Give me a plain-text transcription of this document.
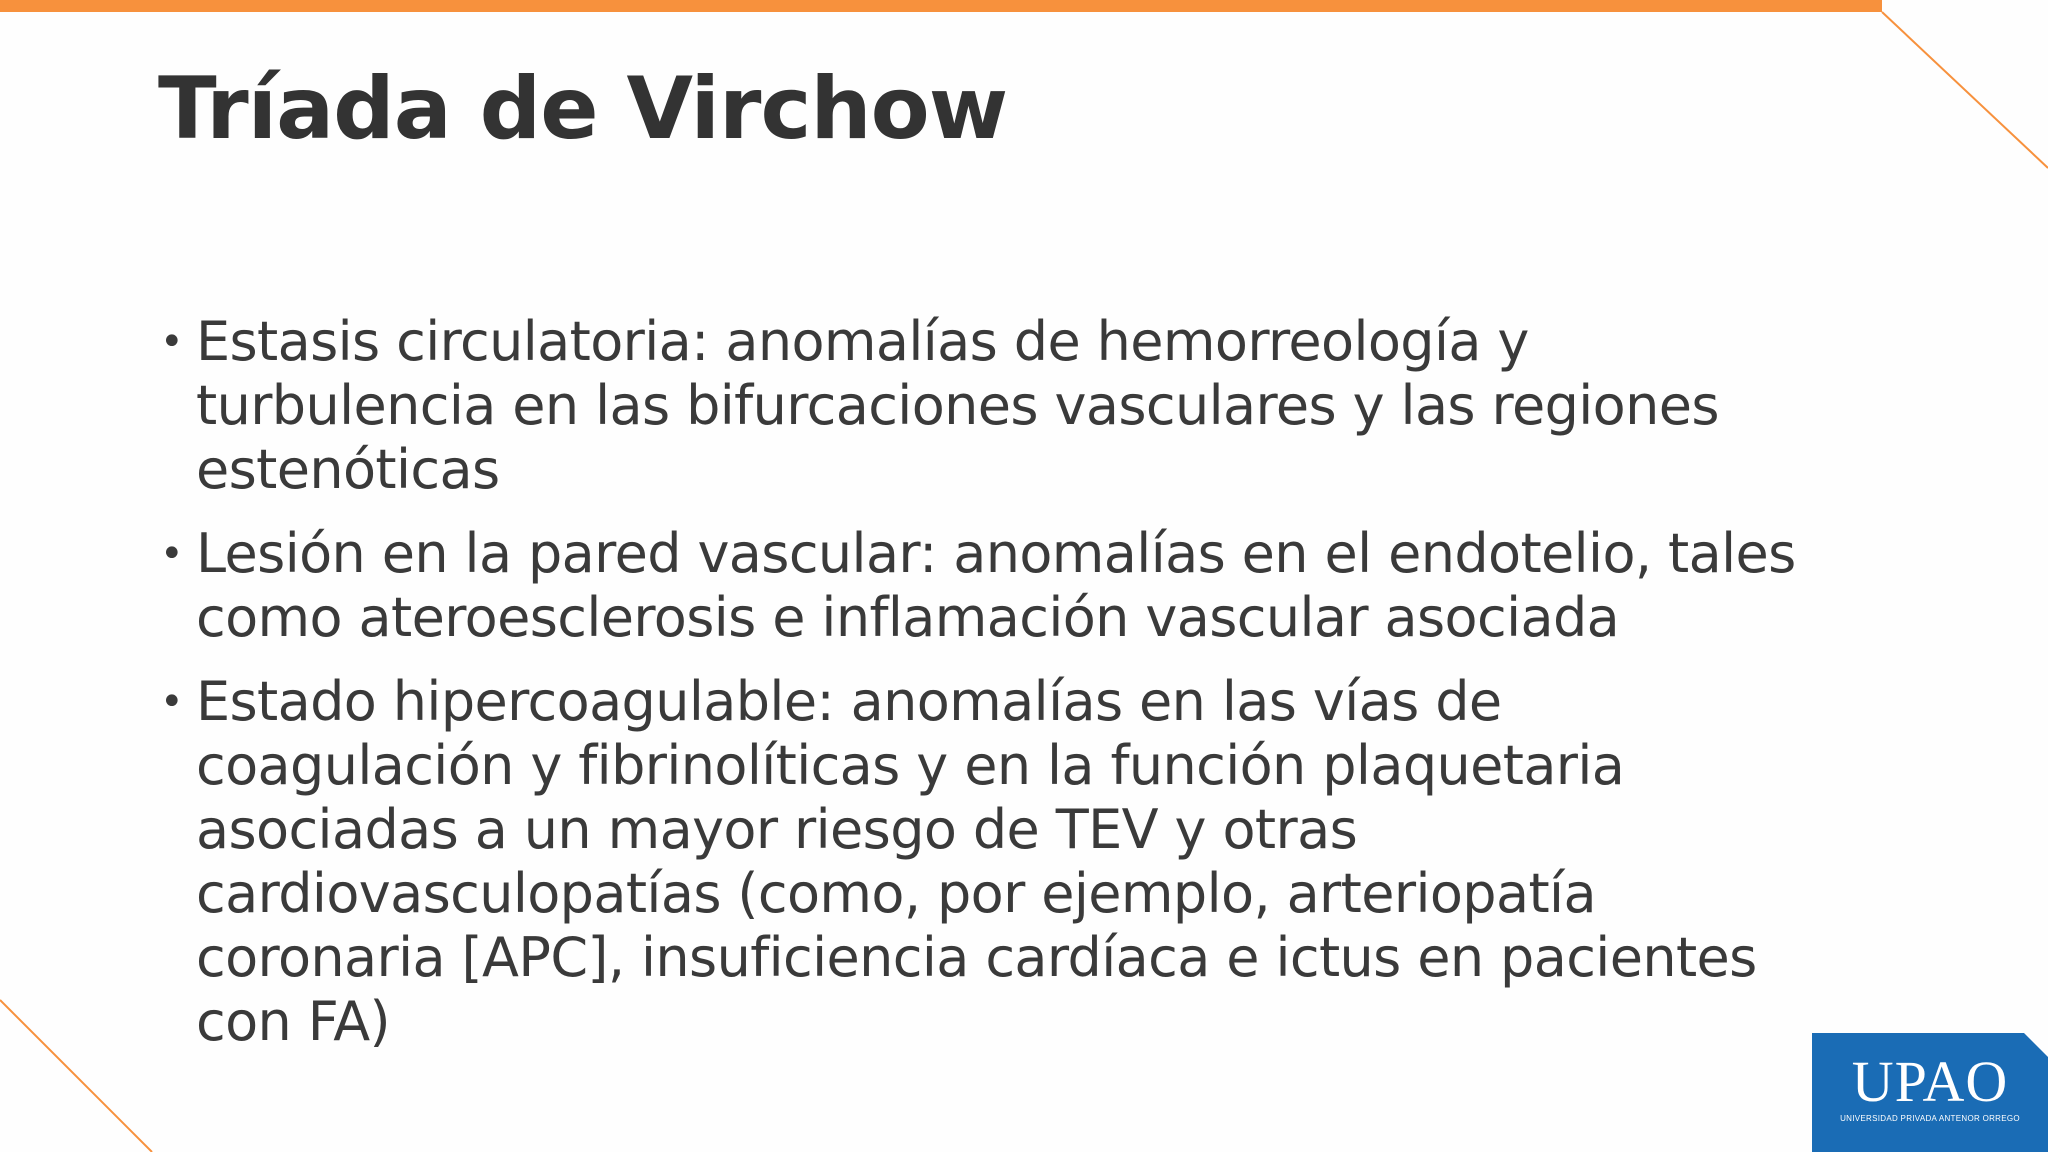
Tríada de Virchow
• Estasis circulatoria: anomalías de hemorreología y
turbulencia en las bifurcaciones vasculares y las regiones
estenóticas
• Lesión en la pared vascular: anomalías en el endotelio, tales
como ateroesclerosis e inflamación vascular asociada
• Estado hipercoagulable: anomalías en las vías de
coagulación y fibrinolíticas y en la función plaquetaria
asociadas a un mayor riesgo de TEV y otras
cardiovasculopatías (como, por ejemplo, arteriopatía
coronaria [APC], insuficiencia cardíaca e ictus en pacientes
con FA)
UPAO
UNIVERSIDAD PRIVADA ANTENOR ORREGO
